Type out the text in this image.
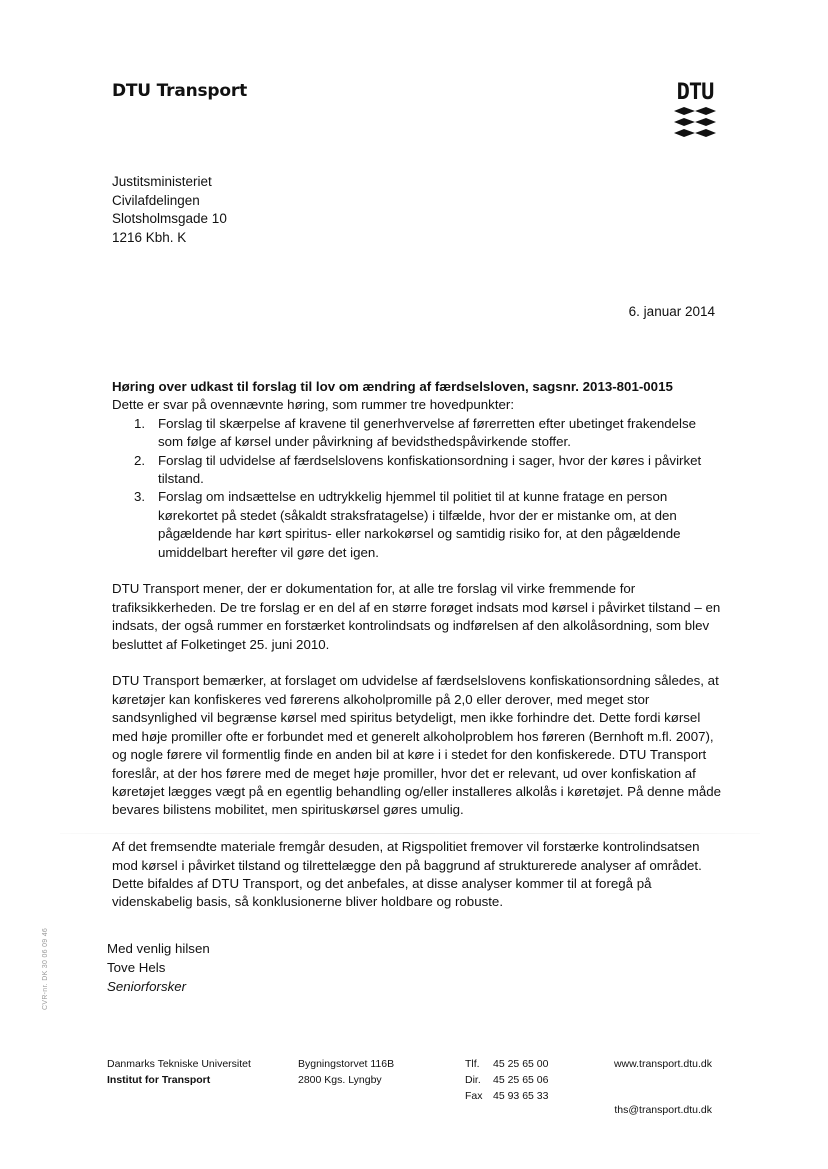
DTU Transport	DTU
Justitsministeriet
Civilafdelingen
Slotsholmsgade 10
1216 Kbh. K
6. januar 2014

Høring over udkast til forslag til lov om ændring af færdselsloven, sagsnr. 2013-801-0015

Dette er svar på ovennævnte høring, som rummer tre hovedpunkter:

1. Forslag til skærpelse af kravene til generhvervelse af førerretten efter ubetinget frakendelse som følge af kørsel under påvirkning af bevidsthedspåvirkende stoffer.
2. Forslag til udvidelse af færdselslovens konfiskationsordning i sager, hvor der køres i påvirket tilstand.
3. Forslag om indsættelse en udtrykkelig hjemmel til politiet til at kunne fratage en person kørekortet på stedet (såkaldt straksfratagelse) i tilfælde, hvor der er mistanke om, at den pågældende har kørt spiritus- eller narkokørsel og samtidig risiko for, at den pågældende umiddelbart herefter vil gøre det igen.

DTU Transport mener, der er dokumentation for, at alle tre forslag vil virke fremmende for trafiksikkerheden. De tre forslag er en del af en større forøget indsats mod kørsel i påvirket tilstand – en indsats, der også rummer en forstærket kontrolindsats og indførelsen af den alkolåsordning, som blev besluttet af Folketinget 25. juni 2010.

DTU Transport bemærker, at forslaget om udvidelse af færdselslovens konfiskationsordning således, at køretøjer kan konfiskeres ved førerens alkoholpromille på 2,0 eller derover, med meget stor sandsynlighed vil begrænse kørsel med spiritus betydeligt, men ikke forhindre det. Dette fordi kørsel med høje promiller ofte er forbundet med et generelt alkoholproblem hos føreren (Bernhoft m.fl. 2007), og nogle førere vil formentlig finde en anden bil at køre i i stedet for den konfiskerede. DTU Transport foreslår, at der hos førere med de meget høje promiller, hvor det er relevant, ud over konfiskation af køretøjet lægges vægt på en egentlig behandling og/eller installeres alkolås i køretøjet. På denne måde bevares bilistens mobilitet, men spirituskørsel gøres umulig.

Af det fremsendte materiale fremgår desuden, at Rigspolitiet fremover vil forstærke kontrolindsatsen mod kørsel i påvirket tilstand og tilrettelægge den på baggrund af strukturerede analyser af området. Dette bifaldes af DTU Transport, og det anbefales, at disse analyser kommer til at foregå på videnskabelig basis, så konklusionerne bliver holdbare og robuste.

Med venlig hilsen
Tove Hels
Seniorforsker
CVR-nr. DK 30 06 09 46
Danmarks Tekniske Universitet
Institut for Transport
Bygningstorvet 116B
2800 Kgs. Lyngby
Tlf. 45 25 65 00
Dir. 45 25 65 06
Fax 45 93 65 33
www.transport.dtu.dk
ths@transport.dtu.dk
